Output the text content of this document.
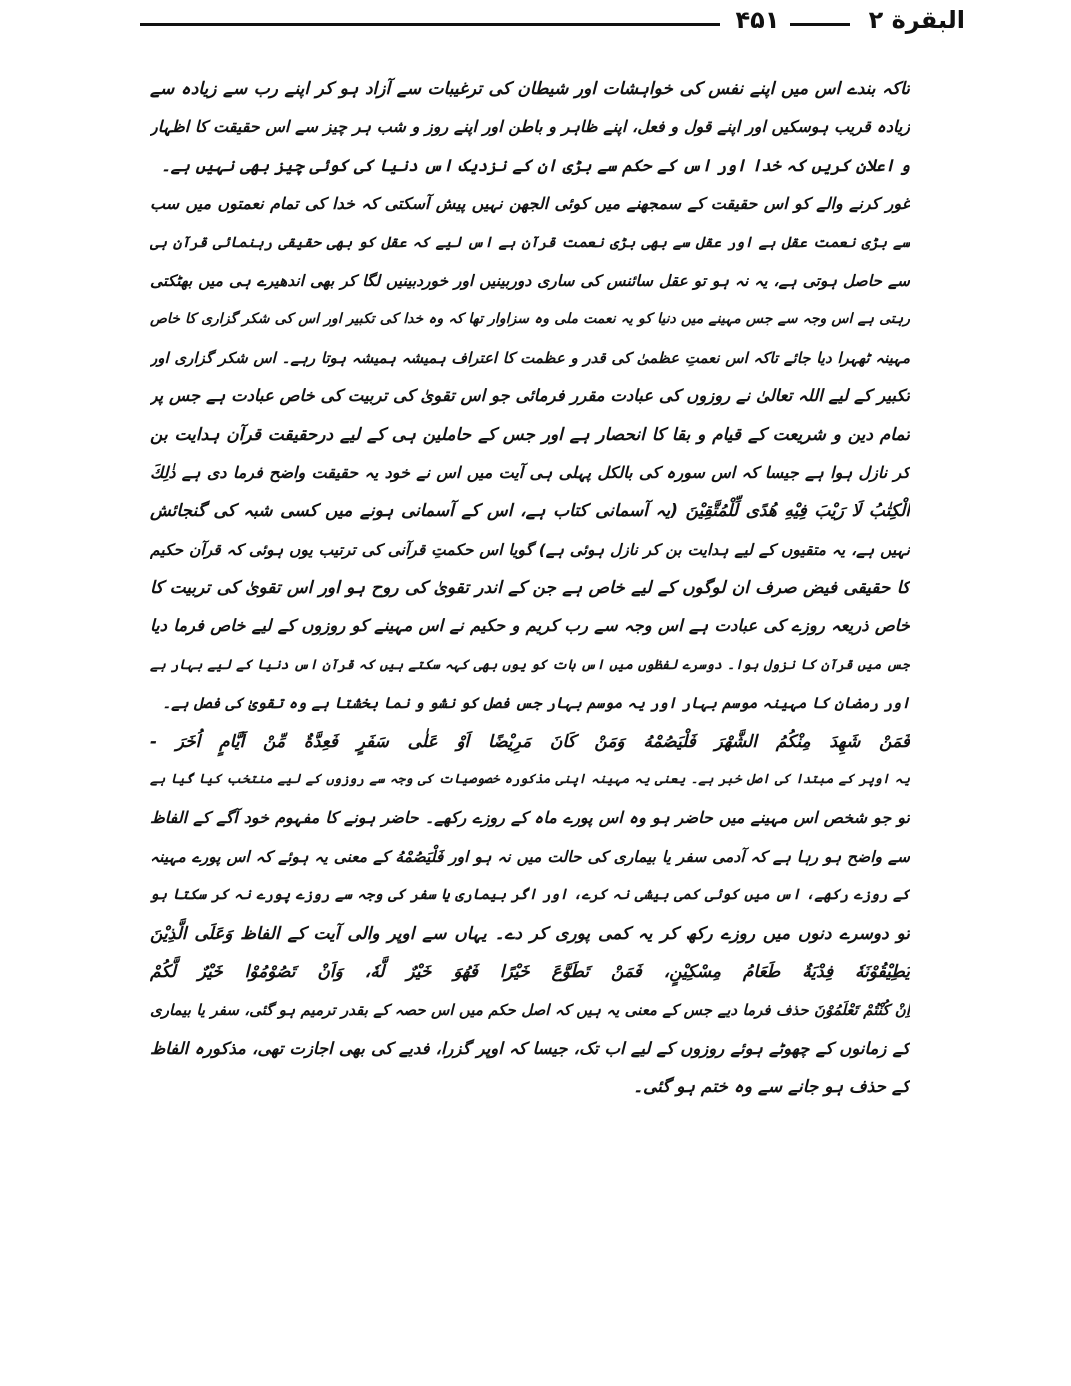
۴۵۱	البقرة ۲
تاکہ بندے اس میں اپنے نفس کی خواہشات اور شیطان کی ترغیبات سے آزاد ہو کر اپنے رب سے زیادہ سے
زیادہ قریب ہوسکیں اور اپنے قول و فعل، اپنے ظاہر و باطن اور اپنے روز و شب ہر چیز سے اس حقیقت کا اظہار
و اعلان کریں کہ خدا اور اس کے حکم سے بڑی ان کے نزدیک اس دنیا کی کوئی چیز بھی نہیں ہے۔
غور کرنے والے کو اس حقیقت کے سمجھنے میں کوئی الجھن نہیں پیش آسکتی کہ خدا کی تمام نعمتوں میں سب
سے بڑی نعمت عقل ہے اور عقل سے بھی بڑی نعمت قرآن ہے اس لیے کہ عقل کو بھی حقیقی رہنمائی قرآن ہی
سے حاصل ہوتی ہے، یہ نہ ہو تو عقل سائنس کی ساری دوربینیں اور خوردبینیں لگا کر بھی اندھیرے ہی میں بھٹکتی
رہتی ہے اس وجہ سے جس مہینے میں دنیا کو یہ نعمت ملی وہ سزاوار تھا کہ وہ خدا کی تکبیر اور اس کی شکر گزاری کا خاص
مہینہ ٹھہرا دیا جائے تاکہ اس نعمتِ عظمیٰ کی قدر و عظمت کا اعتراف ہمیشہ ہمیشہ ہوتا رہے۔ اس شکر گزاری اور
تکبیر کے لیے اللہ تعالیٰ نے روزوں کی عبادت مقرر فرمائی جو اس تقویٰ کی تربیت کی خاص عبادت ہے جس پر
تمام دین و شریعت کے قیام و بقا کا انحصار ہے اور جس کے حاملین ہی کے لیے درحقیقت قرآن ہدایت بن
کر نازل ہوا ہے جیسا کہ اس سورہ کی بالکل پہلی ہی آیت میں اس نے خود یہ حقیقت واضح فرما دی ہے ذٰلِكَ
الْكِتٰبُ لَا رَيْبَ فِيْهِ هُدًى لِّلْمُتَّقِيْنَ (یہ آسمانی کتاب ہے، اس کے آسمانی ہونے میں کسی شبہ کی گنجائش
نہیں ہے، یہ متقیوں کے لیے ہدایت بن کر نازل ہوئی ہے) گویا اس حکمتِ قرآنی کی ترتیب یوں ہوئی کہ قرآن حکیم
کا حقیقی فیض صرف ان لوگوں کے لیے خاص ہے جن کے اندر تقویٰ کی روح ہو اور اس تقویٰ کی تربیت کا
خاص ذریعہ روزے کی عبادت ہے اس وجہ سے رب کریم و حکیم نے اس مہینے کو روزوں کے لیے خاص فرما دیا
جس میں قرآن کا نزول ہوا۔ دوسرے لفظوں میں اس بات کو یوں بھی کہہ سکتے ہیں کہ قرآن اس دنیا کے لیے بہار ہے
اور رمضان کا مہینہ موسم بہار اور یہ موسم بہار جس فصل کو نشو و نما بخشتا ہے وہ تقویٰ کی فصل ہے۔
فَمَنْ شَهِدَ مِنْكُمُ الشَّهْرَ فَلْيَصُمْهُ وَمَنْ كَانَ مَرِيْضًا اَوْ عَلٰى سَفَرٍ فَعِدَّةٌ مِّنْ اَيَّامٍ اُخَرَ -
یہ اوپر کے مبتدا کی اصل خبر ہے۔ یعنی یہ مہینہ اپنی مذکورہ خصوصیات کی وجہ سے روزوں کے لیے منتخب کیا گیا ہے
تو جو شخص اس مہینے میں حاضر ہو وہ اس پورے ماہ کے روزے رکھے۔ حاضر ہونے کا مفہوم خود آگے کے الفاظ
سے واضح ہو رہا ہے کہ آدمی سفر یا بیماری کی حالت میں نہ ہو اور فَلْيَصُمْهُ کے معنی یہ ہوئے کہ اس پورے مہینہ
کے روزے رکھے، اس میں کوئی کمی بیشی نہ کرے، اور اگر بیماری یا سفر کی وجہ سے روزے پورے نہ کر سکتا ہو
تو دوسرے دنوں میں روزے رکھ کر یہ کمی پوری کر دے۔ یہاں سے اوپر والی آیت کے الفاظ وَعَلَى الَّذِيْنَ
يُطِيْقُوْنَهٗ فِدْيَةٌ طَعَامُ مِسْكِيْنٍ، فَمَنْ تَطَوَّعَ خَيْرًا فَهُوَ خَيْرٌ لَّهٗ، وَاَنْ تَصُوْمُوْا خَيْرٌ لَّكُمْ
اِنْ كُنْتُمْ تَعْلَمُوْنَ حذف فرما دیے جس کے معنی یہ ہیں کہ اصل حکم میں اس حصہ کے بقدر ترمیم ہو گئی، سفر یا بیماری
کے زمانوں کے چھوٹے ہوئے روزوں کے لیے اب تک، جیسا کہ اوپر گزرا، فدیے کی بھی اجازت تھی، مذکورہ الفاظ
کے حذف ہو جانے سے وہ ختم ہو گئی۔
